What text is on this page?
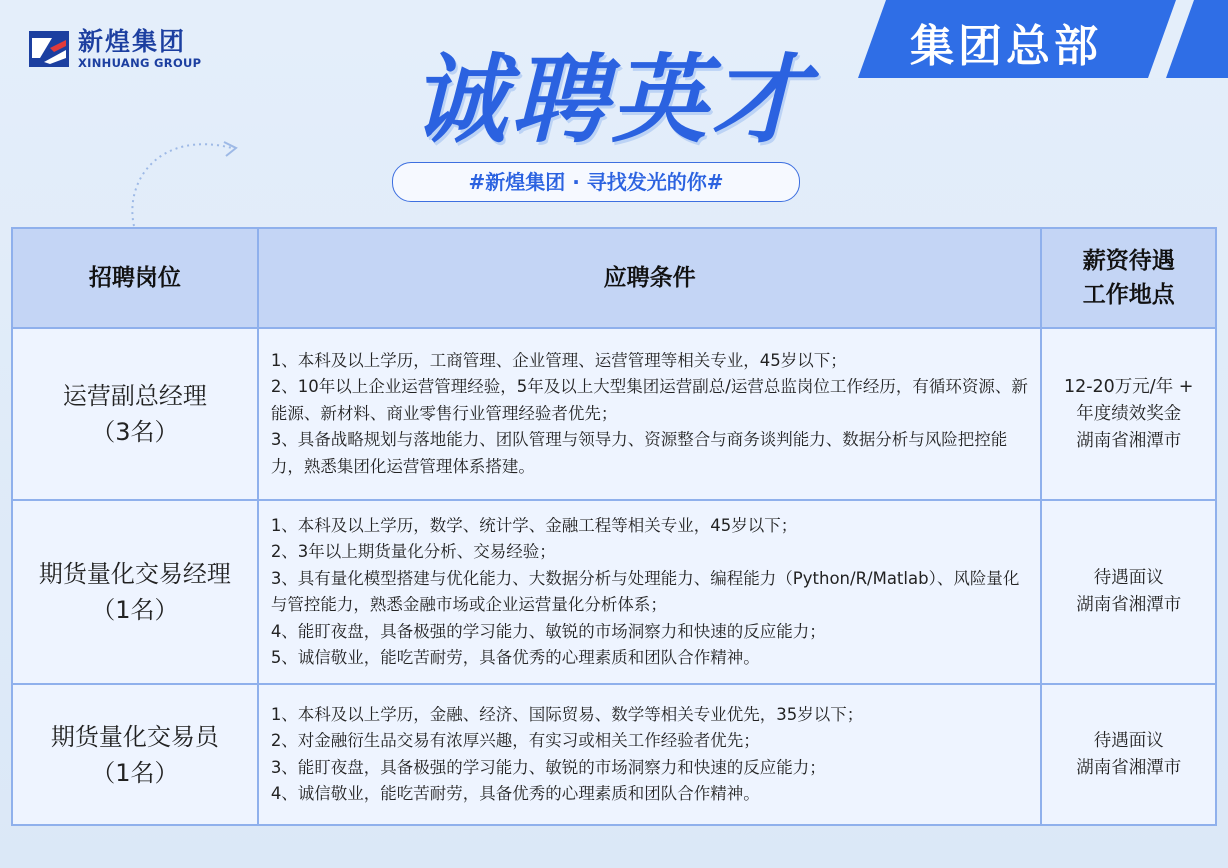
新煌集团
XINHUANG GROUP	集团总部
诚聘英才
#新煌集团 · 寻找发光的你#
招聘岗位	应聘条件	薪资待遇
工作地点

运营副总经理
（3名）	1、本科及以上学历，工商管理、企业管理、运营管理等相关专业，45岁以下；
2、10年以上企业运营管理经验，5年及以上大型集团运营副总/运营总监岗位工作经历，有循环资源、新能源、新材料、商业零售行业管理经验者优先；
3、具备战略规划与落地能力、团队管理与领导力、资源整合与商务谈判能力、数据分析与风险把控能力，熟悉集团化运营管理体系搭建。	12-20万元/年 +
年度绩效奖金
湖南省湘潭市

期货量化交易经理
（1名）	1、本科及以上学历，数学、统计学、金融工程等相关专业，45岁以下；
2、3年以上期货量化分析、交易经验；
3、具有量化模型搭建与优化能力、大数据分析与处理能力、编程能力（Python/R/Matlab）、风险量化与管控能力，熟悉金融市场或企业运营量化分析体系；
4、能盯夜盘，具备极强的学习能力、敏锐的市场洞察力和快速的反应能力；
5、诚信敬业，能吃苦耐劳，具备优秀的心理素质和团队合作精神。	待遇面议
湖南省湘潭市

期货量化交易员
（1名）	1、本科及以上学历，金融、经济、国际贸易、数学等相关专业优先，35岁以下；
2、对金融衍生品交易有浓厚兴趣，有实习或相关工作经验者优先；
3、能盯夜盘，具备极强的学习能力、敏锐的市场洞察力和快速的反应能力；
4、诚信敬业，能吃苦耐劳，具备优秀的心理素质和团队合作精神。	待遇面议
湖南省湘潭市
